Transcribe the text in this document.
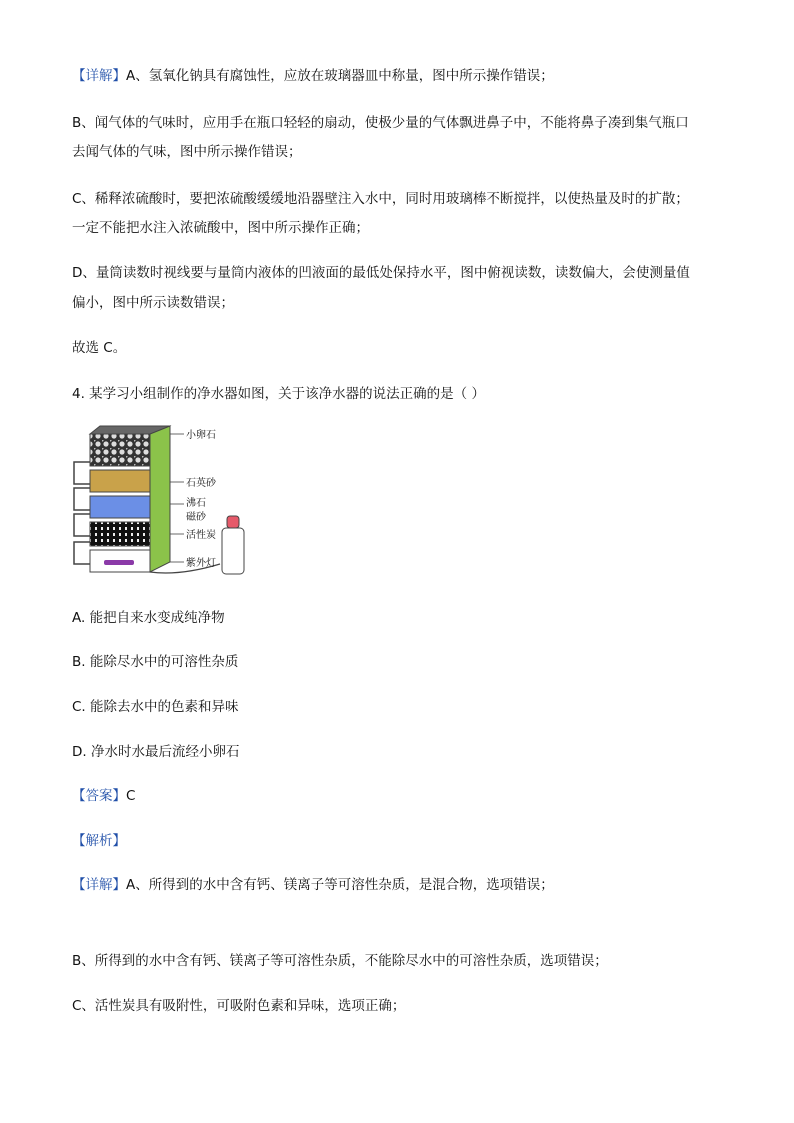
【详解】A、氢氧化钠具有腐蚀性，应放在玻璃器皿中称量，图中所示操作错误；
B、闻气体的气味时，应用手在瓶口轻轻的扇动，使极少量的气体飘进鼻子中，不能将鼻子凑到集气瓶口
去闻气体的气味，图中所示操作错误；
C、稀释浓硫酸时，要把浓硫酸缓缓地沿器壁注入水中，同时用玻璃棒不断搅拌，以使热量及时的扩散；
一定不能把水注入浓硫酸中，图中所示操作正确；
D、量筒读数时视线要与量筒内液体的凹液面的最低处保持水平，图中俯视读数，读数偏大，会使测量值
偏小，图中所示读数错误；
故选 C。
4. 某学习小组制作的净水器如图，关于该净水器的说法正确的是（ ）
小卵石
石英砂
沸石
磁砂
活性炭
紫外灯
A. 能把自来水变成纯净物
B. 能除尽水中的可溶性杂质
C. 能除去水中的色素和异味
D. 净水时水最后流经小卵石
【答案】C
【解析】
【详解】A、所得到的水中含有钙、镁离子等可溶性杂质，是混合物，选项错误；
B、所得到的水中含有钙、镁离子等可溶性杂质，不能除尽水中的可溶性杂质，选项错误；
C、活性炭具有吸附性，可吸附色素和异味，选项正确；
